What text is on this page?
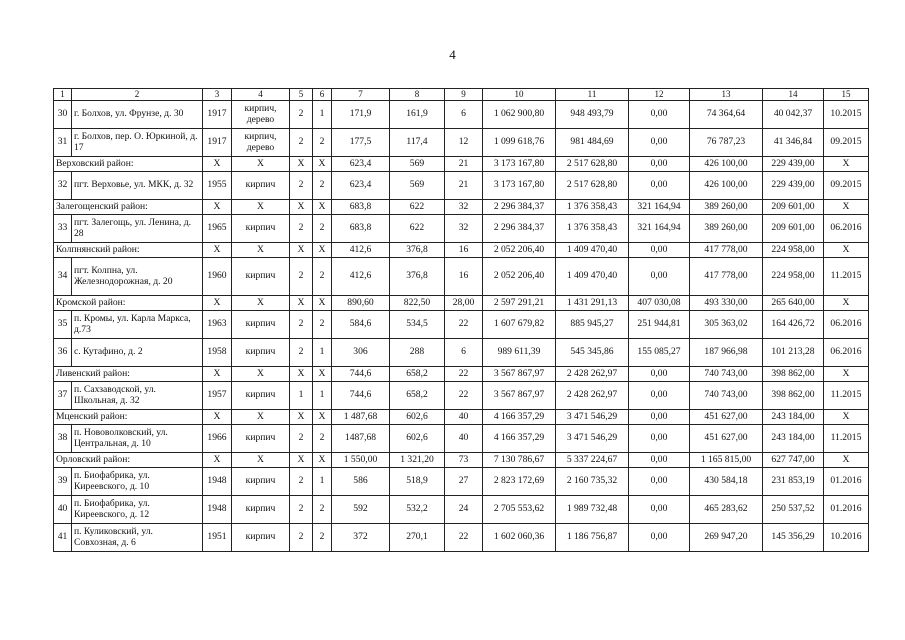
4
1	2	3	4	5	6	7	8	9	10	11	12	13	14	15
30	г. Болхов, ул. Фрунзе, д. 30	1917	кирпич, дерево	2	1	171,9	161,9	6	1 062 900,80	948 493,79	0,00	74 364,64	40 042,37	10.2015
31	г. Болхов, пер. О. Юркиной, д. 17	1917	кирпич, дерево	2	2	177,5	117,4	12	1 099 618,76	981 484,69	0,00	76 787,23	41 346,84	09.2015
Верховский район:		X	X	X	X	623,4	569	21	3 173 167,80	2 517 628,80	0,00	426 100,00	229 439,00	X
32	пгт. Верховье, ул. МКК, д. 32	1955	кирпич	2	2	623,4	569	21	3 173 167,80	2 517 628,80	0,00	426 100,00	229 439,00	09.2015
Залегощенский район:		X	X	X	X	683,8	622	32	2 296 384,37	1 376 358,43	321 164,94	389 260,00	209 601,00	X
33	пгт. Залегощь, ул. Ленина, д. 28	1965	кирпич	2	2	683,8	622	32	2 296 384,37	1 376 358,43	321 164,94	389 260,00	209 601,00	06.2016
Колпнянский район:		X	X	X	X	412,6	376,8	16	2 052 206,40	1 409 470,40	0,00	417 778,00	224 958,00	X
34	пгт. Колпна, ул. Железнодорожная, д. 20	1960	кирпич	2	2	412,6	376,8	16	2 052 206,40	1 409 470,40	0,00	417 778,00	224 958,00	11.2015
Кромской район:		X	X	X	X	890,60	822,50	28,00	2 597 291,21	1 431 291,13	407 030,08	493 330,00	265 640,00	X
35	п. Кромы, ул. Карла Маркса, д.73	1963	кирпич	2	2	584,6	534,5	22	1 607 679,82	885 945,27	251 944,81	305 363,02	164 426,72	06.2016
36	с. Кутафино, д. 2	1958	кирпич	2	1	306	288	6	989 611,39	545 345,86	155 085,27	187 966,98	101 213,28	06.2016
Ливенский район:		X	X	X	X	744,6	658,2	22	3 567 867,97	2 428 262,97	0,00	740 743,00	398 862,00	X
37	п. Сахзаводской, ул. Школьная, д. 32	1957	кирпич	1	1	744,6	658,2	22	3 567 867,97	2 428 262,97	0,00	740 743,00	398 862,00	11.2015
Мценский район:		X	X	X	X	1 487,68	602,6	40	4 166 357,29	3 471 546,29	0,00	451 627,00	243 184,00	X
38	п. Нововолковский, ул. Центральная, д. 10	1966	кирпич	2	2	1487,68	602,6	40	4 166 357,29	3 471 546,29	0,00	451 627,00	243 184,00	11.2015
Орловский район:		X	X	X	X	1 550,00	1 321,20	73	7 130 786,67	5 337 224,67	0,00	1 165 815,00	627 747,00	X
39	п. Биофабрика, ул. Киреевского, д. 10	1948	кирпич	2	1	586	518,9	27	2 823 172,69	2 160 735,32	0,00	430 584,18	231 853,19	01.2016
40	п. Биофабрика, ул. Киреевского, д. 12	1948	кирпич	2	2	592	532,2	24	2 705 553,62	1 989 732,48	0,00	465 283,62	250 537,52	01.2016
41	п. Куликовский, ул. Совхозная, д. 6	1951	кирпич	2	2	372	270,1	22	1 602 060,36	1 186 756,87	0,00	269 947,20	145 356,29	10.2016
